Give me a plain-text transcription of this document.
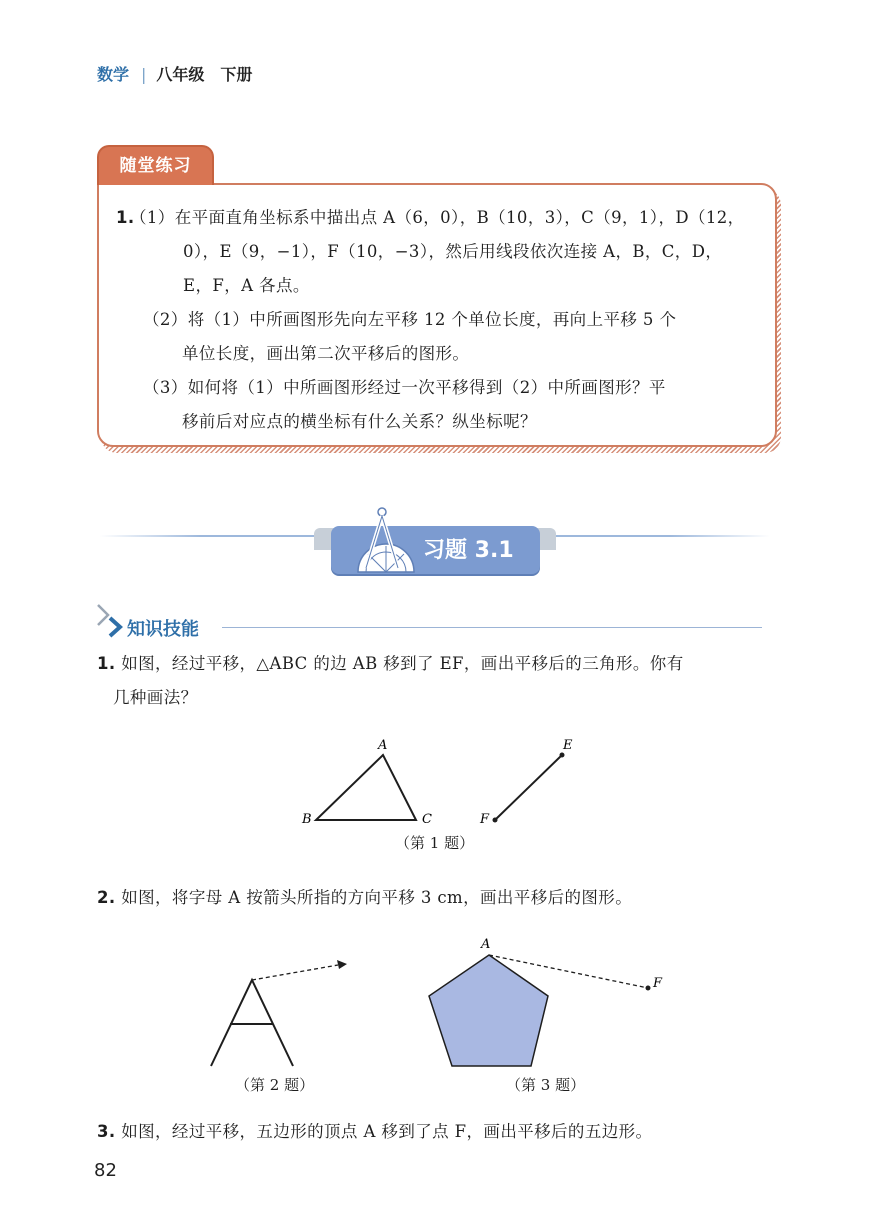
数学 | 八年级 下册
随堂练习
1.
（1）在平面直角坐标系中描出点 A（6，0），B（10，3），C（9，1），D（12，
0），E（9，−1），F（10，−3），然后用线段依次连接 A，B，C，D，
E，F，A 各点。
（2）将（1）中所画图形先向左平移 12 个单位长度，再向上平移 5 个
单位长度，画出第二次平移后的图形。
（3）如何将（1）中所画图形经过一次平移得到（2）中所画图形？平
移前后对应点的横坐标有什么关系？纵坐标呢？
习题 3.1
知识技能
1. 如图，经过平移，△ABC 的边 AB 移到了 EF，画出平移后的三角形。你有
几种画法？
A
B	C
E
F
（第 1 题）
2. 如图，将字母 A 按箭头所指的方向平移 3 cm，画出平移后的图形。
（第 2 题）
A
F
（第 3 题）
3. 如图，经过平移，五边形的顶点 A 移到了点 F，画出平移后的五边形。
82
